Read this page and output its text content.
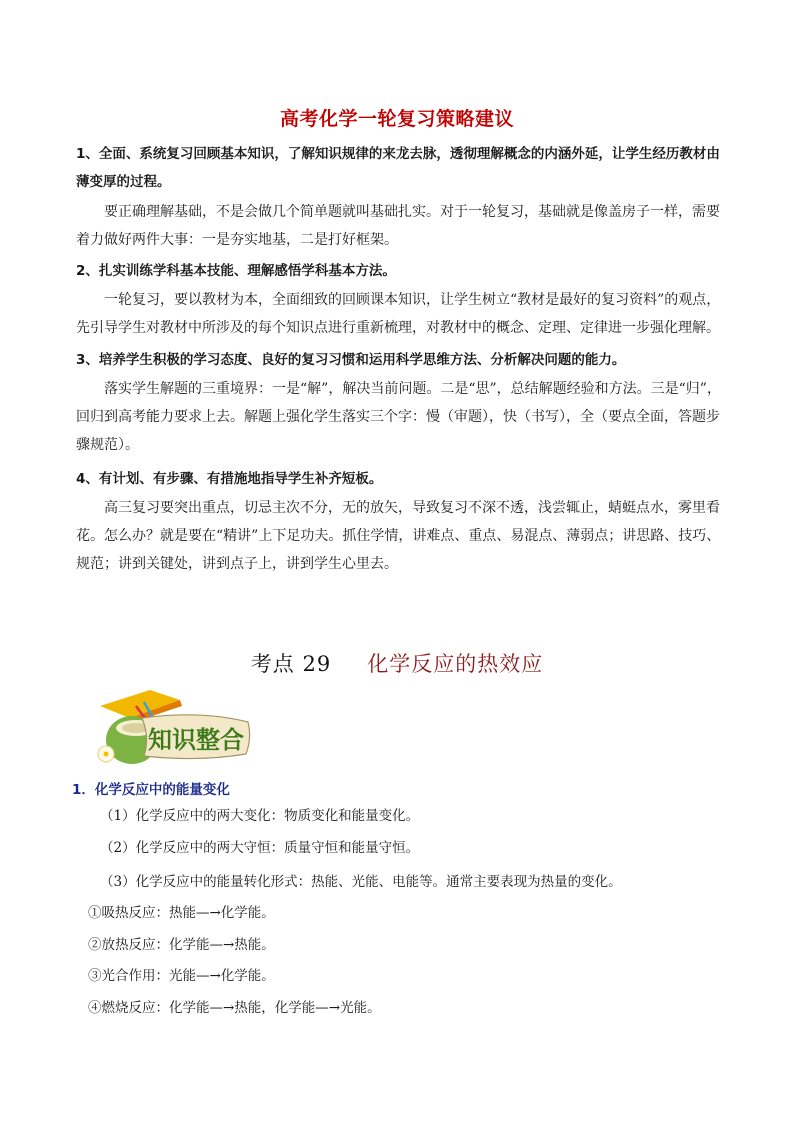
高考化学一轮复习策略建议
1、全面、系统复习回顾基本知识，了解知识规律的来龙去脉，透彻理解概念的内涵外延，让学生经历教材由薄变厚的过程。
要正确理解基础，不是会做几个简单题就叫基础扎实。对于一轮复习，基础就是像盖房子一样，需要着力做好两件大事：一是夯实地基，二是打好框架。
2、扎实训练学科基本技能、理解感悟学科基本方法。
一轮复习，要以教材为本，全面细致的回顾课本知识，让学生树立“教材是最好的复习资料”的观点，先引导学生对教材中所涉及的每个知识点进行重新梳理，对教材中的概念、定理、定律进一步强化理解。
3、培养学生积极的学习态度、良好的复习习惯和运用科学思维方法、分析解决问题的能力。
落实学生解题的三重境界：一是“解”，解决当前问题。二是“思”，总结解题经验和方法。三是“归”，回归到高考能力要求上去。解题上强化学生落实三个字：慢（审题），快（书写），全（要点全面，答题步骤规范）。
4、有计划、有步骤、有措施地指导学生补齐短板。
高三复习要突出重点，切忌主次不分，无的放矢，导致复习不深不透，浅尝辄止，蜻蜓点水，雾里看花。怎么办？就是要在“精讲”上下足功夫。抓住学情，讲难点、重点、易混点、薄弱点；讲思路、技巧、规范；讲到关键处，讲到点子上，讲到学生心里去。
考点 29 化学反应的热效应
知识整合
1．化学反应中的能量变化
（1）化学反应中的两大变化：物质变化和能量变化。
（2）化学反应中的两大守恒：质量守恒和能量守恒。
（3）化学反应中的能量转化形式：热能、光能、电能等。通常主要表现为热量的变化。
①吸热反应：热能—→化学能。
②放热反应：化学能—→热能。
③光合作用：光能—→化学能。
④燃烧反应：化学能—→热能，化学能—→光能。
